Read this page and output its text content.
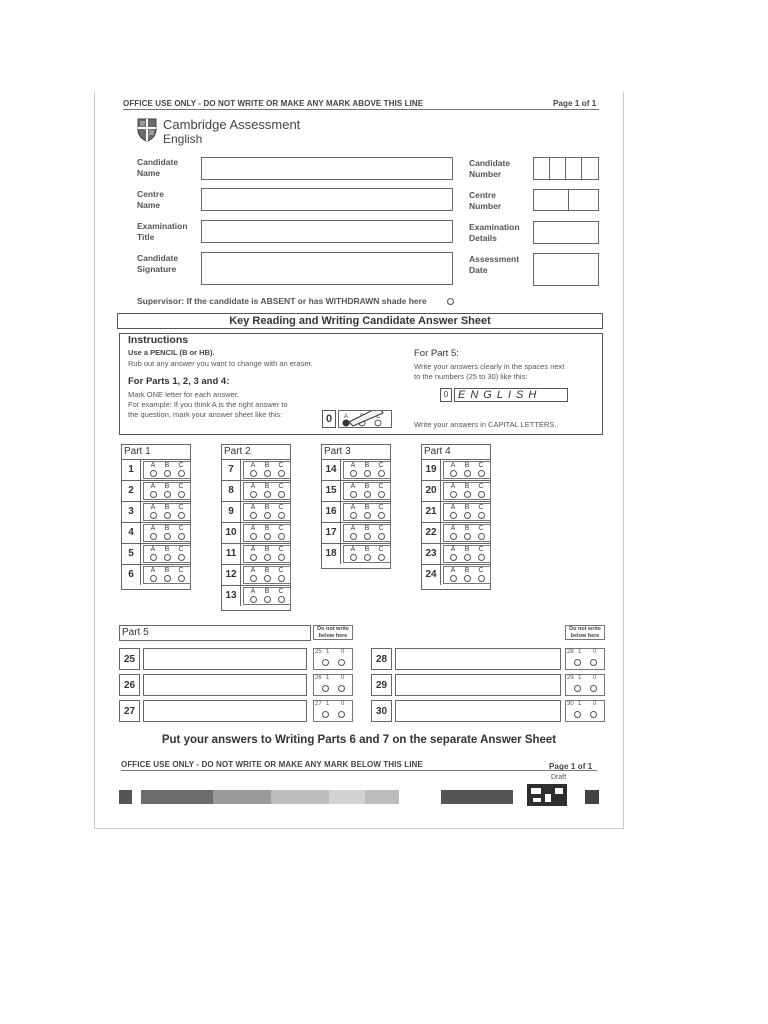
OFFICE USE ONLY - DO NOT WRITE OR MAKE ANY MARK ABOVE THIS LINE	Page 1 of 1
Cambridge Assessment
English
Candidate
Name
Centre
Name
Examination
Title
Candidate
Signature
Candidate
Number
Centre
Number
Examination
Details
Assessment
Date
Supervisor: If the candidate is ABSENT or has WITHDRAWN shade here
Key Reading and Writing Candidate Answer Sheet
Instructions
Use a PENCIL (B or HB).
Rub out any answer you want to change with an eraser.
For Parts 1, 2, 3 and 4:
Mark ONE letter for each answer.
For example: If you think A is the right answer to
the question, mark your answer sheet like this:	0	A	C
For Part 5:
Write your answers clearly in the spaces next
to the numbers (25 to 30) like this:
0 ENGLISH
Write your answers in CAPITAL LETTERS.
Part 1
1	A	B	C
2	A	B	C
3	A	B	C
4	A	B	C
5	A	B	C
6	A	B	C
Part 2
7	A	B	C
8	A	B	C
9	A	B	C
10	A	B	C
11	A	B	C
12	A	B	C
13	A	B	C
Part 3
14	A	B	C
15	A	B	C
16	A	B	C
17	A	B	C
18	A	B	C
Part 4
19	A	B	C
20	A	B	C
21	A	B	C
22	A	B	C
23	A	B	C
24	A	B	C
Part 5	Do not write
below here
Do not write
below here
25
25 1 0
26
26 1 0
27
27 1 0
28
28 1 0
29
29 1 0
30
30 1 0
Put your answers to Writing Parts 6 and 7 on the separate Answer Sheet
OFFICE USE ONLY - DO NOT WRITE OR MAKE ANY MARK BELOW THIS LINE	Page 1 of 1
Draft
